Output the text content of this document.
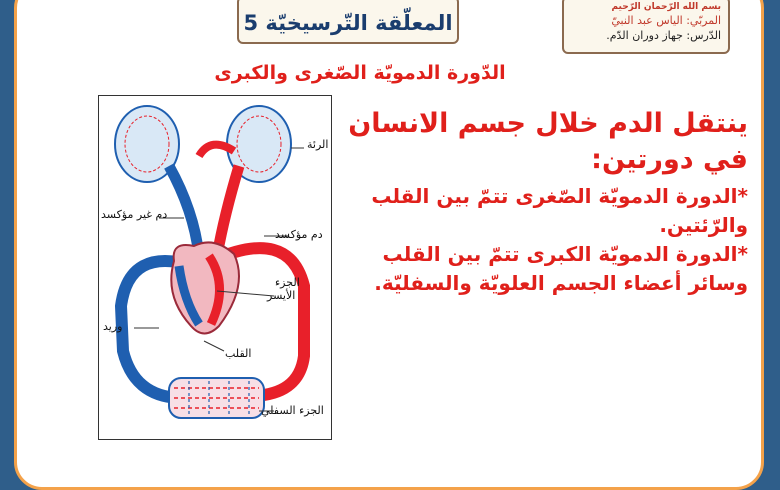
المعلّقة التّرسيخيّة 5
بسم الله الرّحمان الرّحيم
المربّي: الياس عبد النبيّ
الدّرس: جهاز دوران الدّم.
الدّورة الدمويّة الصّغرى والكبرى
ينتقل الدم خلال جسم الانسان في دورتين:
*الدورة الدمويّة الصّغرى تتمّ بين القلب والرّئتين.
*الدورة الدمويّة الكبرى تتمّ بين القلب وسائر أعضاء الجسم العلويّة والسفليّة.
الرئة
دم غير مؤكسد
دم مؤكسد
الجزء
الأيسر
وريد
القلب
الجزء السفلي
